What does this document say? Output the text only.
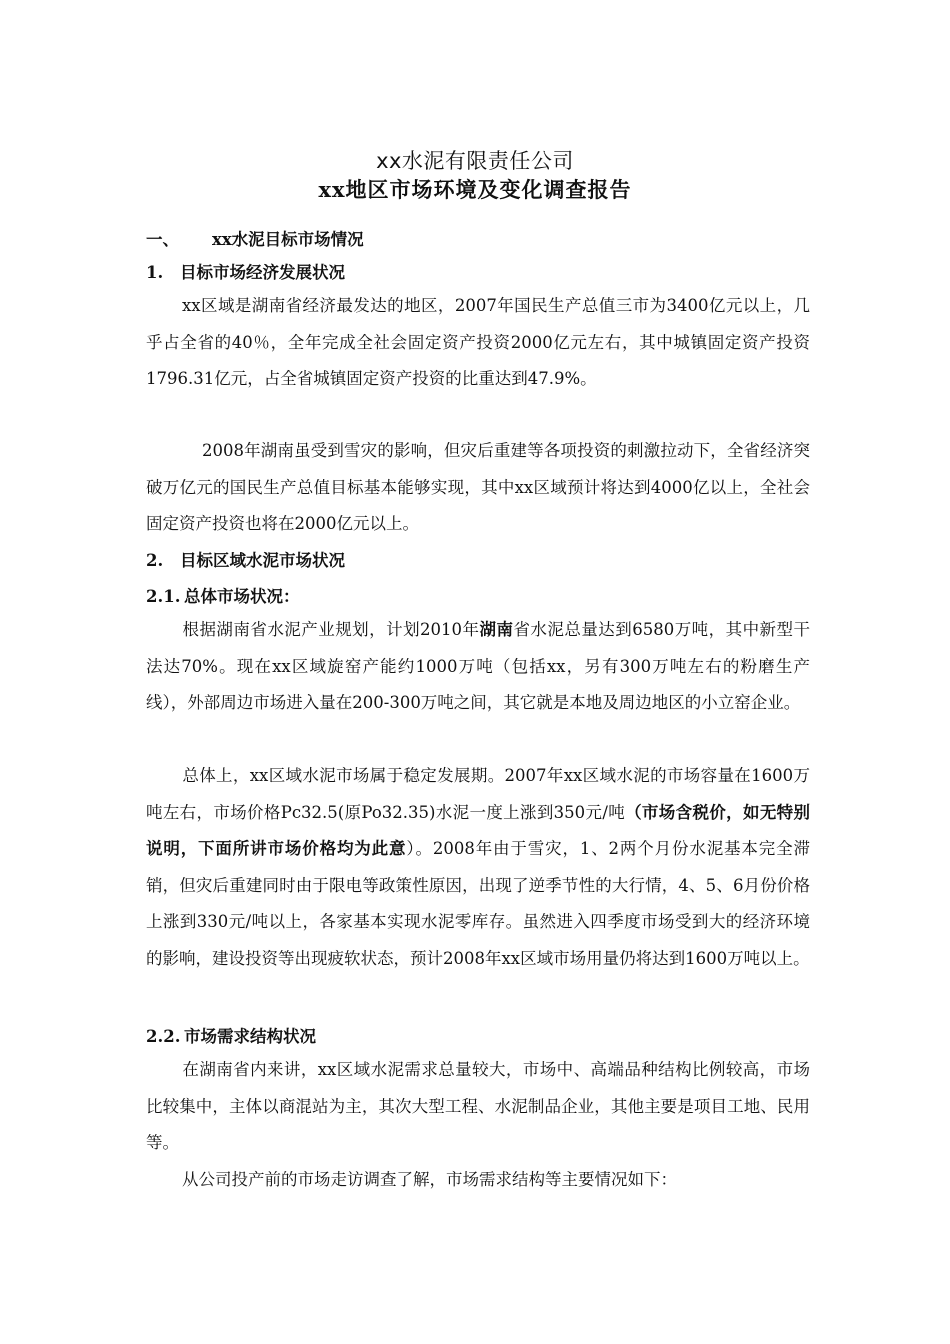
xx水泥有限责任公司
xx地区市场环境及变化调查报告
一、 xx水泥目标市场情况
1. 目标市场经济发展状况
xx区域是湖南省经济最发达的地区，2007年国民生产总值三市为3400亿元以上，几乎占全省的40％，全年完成全社会固定资产投资2000亿元左右，其中城镇固定资产投资1796.31亿元，占全省城镇固定资产投资的比重达到47.9%。
2008年湖南虽受到雪灾的影响，但灾后重建等各项投资的刺激拉动下，全省经济突破万亿元的国民生产总值目标基本能够实现，其中xx区域预计将达到4000亿以上，全社会固定资产投资也将在2000亿元以上。
2. 目标区域水泥市场状况
2.1. 总体市场状况：
根据湖南省水泥产业规划，计划2010年湖南省水泥总量达到6580万吨，其中新型干法达70%。现在xx区域旋窑产能约1000万吨（包括xx，另有300万吨左右的粉磨生产线），外部周边市场进入量在200-300万吨之间，其它就是本地及周边地区的小立窑企业。
总体上，xx区域水泥市场属于稳定发展期。2007年xx区域水泥的市场容量在1600万吨左右，市场价格Pc32.5(原Po32.35)水泥一度上涨到350元/吨（市场含税价，如无特别说明，下面所讲市场价格均为此意）。2008年由于雪灾，1、2两个月份水泥基本完全滞销，但灾后重建同时由于限电等政策性原因，出现了逆季节性的大行情，4、5、6月份价格上涨到330元/吨以上，各家基本实现水泥零库存。虽然进入四季度市场受到大的经济环境的影响，建设投资等出现疲软状态，预计2008年xx区域市场用量仍将达到1600万吨以上。
2.2. 市场需求结构状况
在湖南省内来讲，xx区域水泥需求总量较大，市场中、高端品种结构比例较高，市场比较集中，主体以商混站为主，其次大型工程、水泥制品企业，其他主要是项目工地、民用等。
从公司投产前的市场走访调查了解，市场需求结构等主要情况如下：
